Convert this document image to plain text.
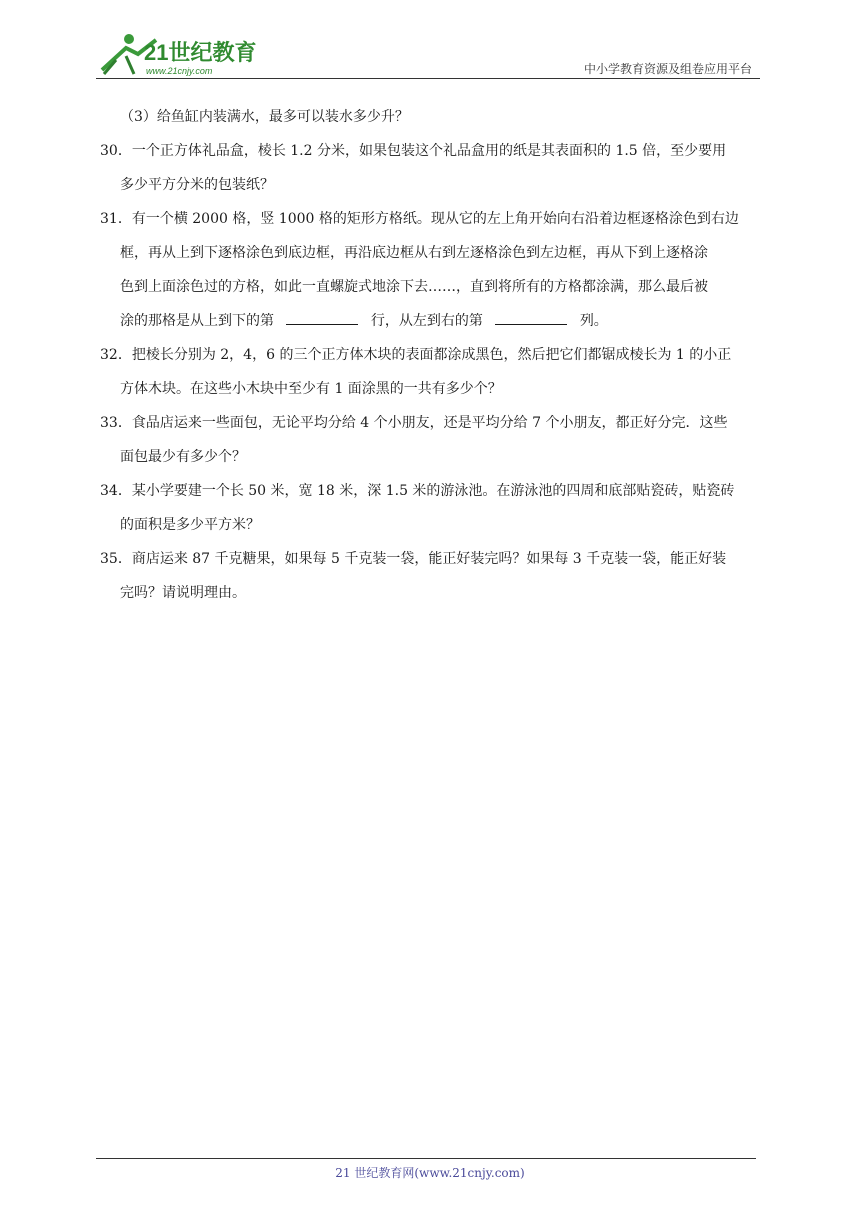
21世纪教育
www.21cnjy.com	中小学教育资源及组卷应用平台

（3）给鱼缸内装满水，最多可以装水多少升？

30．一个正方体礼品盒，棱长 1.2 分米，如果包装这个礼品盒用的纸是其表面积的 1.5 倍，至少要用

多少平方分米的包装纸？

31．有一个横 2000 格，竖 1000 格的矩形方格纸。现从它的左上角开始向右沿着边框逐格涂色到右边

框，再从上到下逐格涂色到底边框，再沿底边框从右到左逐格涂色到左边框，再从下到上逐格涂

色到上面涂色过的方格，如此一直螺旋式地涂下去……，直到将所有的方格都涂满，那么最后被

涂的那格是从上到下的第	行，从左到右的第	列。

32．把棱长分别为 2，4，6 的三个正方体木块的表面都涂成黑色，然后把它们都锯成棱长为 1 的小正

方体木块。在这些小木块中至少有 1 面涂黑的一共有多少个？

33．食品店运来一些面包，无论平均分给 4 个小朋友，还是平均分给 7 个小朋友，都正好分完．这些

面包最少有多少个？

34．某小学要建一个长 50 米，宽 18 米，深 1.5 米的游泳池。在游泳池的四周和底部贴瓷砖，贴瓷砖

的面积是多少平方米？

35．商店运来 87 千克糖果，如果每 5 千克装一袋，能正好装完吗？如果每 3 千克装一袋，能正好装

完吗？请说明理由。

21 世纪教育网(www.21cnjy.com)
